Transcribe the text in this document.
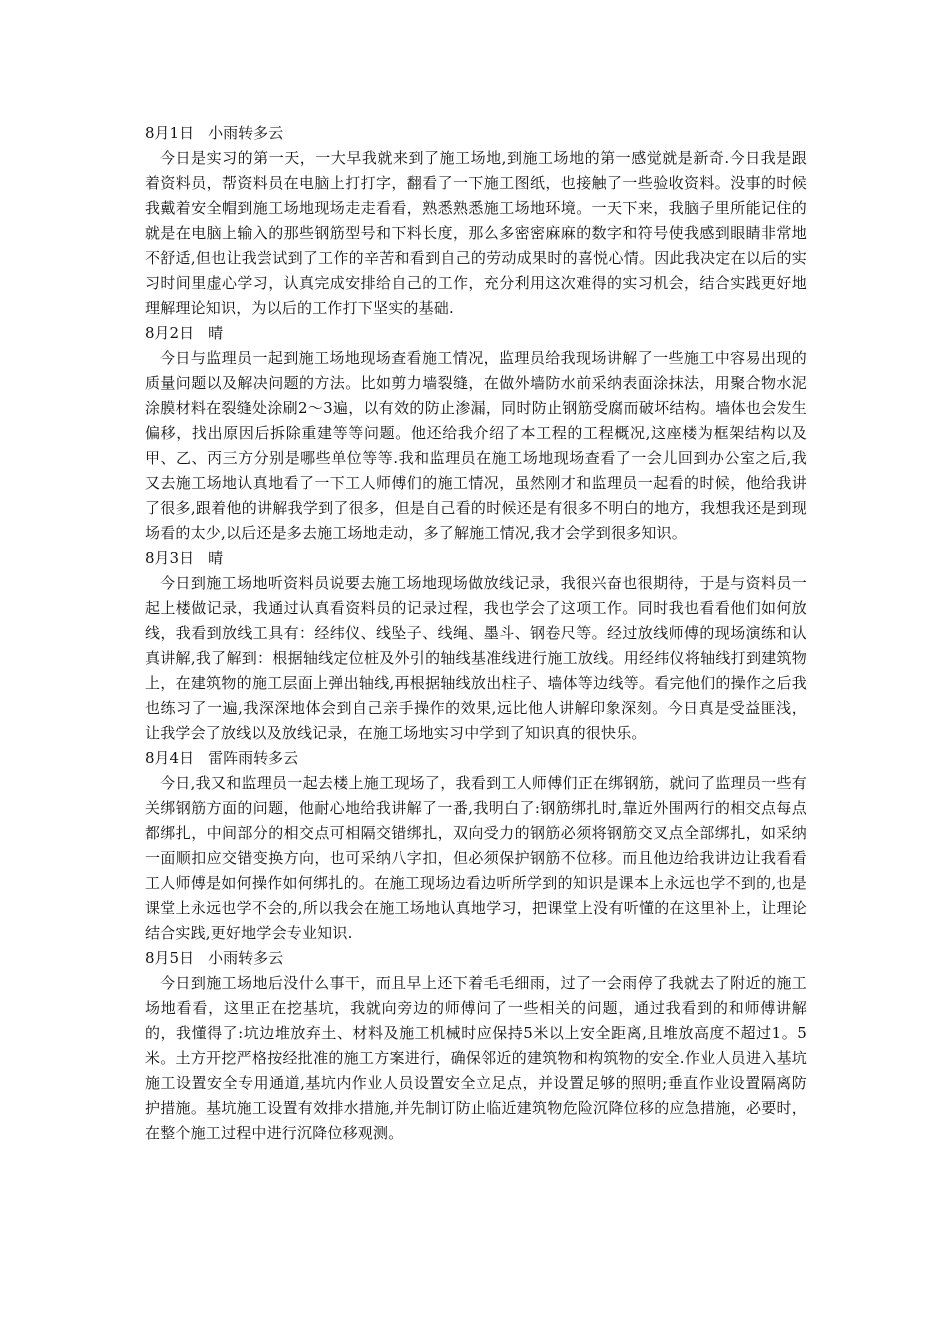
8月1日 小雨转多云

今日是实习的第一天，一大早我就来到了施工场地,到施工场地的第一感觉就是新奇.今日我是跟着资料员，帮资料员在电脑上打打字，翻看了一下施工图纸，也接触了一些验收资料。没事的时候我戴着安全帽到施工场地现场走走看看，熟悉熟悉施工场地环境。一天下来，我脑子里所能记住的就是在电脑上输入的那些钢筋型号和下料长度，那么多密密麻麻的数字和符号使我感到眼睛非常地不舒适,但也让我尝试到了工作的辛苦和看到自己的劳动成果时的喜悦心情。因此我决定在以后的实习时间里虚心学习，认真完成安排给自己的工作，充分利用这次难得的实习机会，结合实践更好地理解理论知识，为以后的工作打下坚实的基础.

8月2日 晴

今日与监理员一起到施工场地现场查看施工情况，监理员给我现场讲解了一些施工中容易出现的质量问题以及解决问题的方法。比如剪力墙裂缝，在做外墙防水前采纳表面涂抹法，用聚合物水泥涂膜材料在裂缝处涂刷2～3遍，以有效的防止渗漏，同时防止钢筋受腐而破坏结构。墙体也会发生偏移，找出原因后拆除重建等等问题。他还给我介绍了本工程的工程概况,这座楼为框架结构以及甲、乙、丙三方分别是哪些单位等等.我和监理员在施工场地现场查看了一会儿回到办公室之后,我又去施工场地认真地看了一下工人师傅们的施工情况，虽然刚才和监理员一起看的时候，他给我讲了很多,跟着他的讲解我学到了很多，但是自己看的时候还是有很多不明白的地方，我想我还是到现场看的太少,以后还是多去施工场地走动，多了解施工情况,我才会学到很多知识。

8月3日 晴

今日到施工场地听资料员说要去施工场地现场做放线记录，我很兴奋也很期待，于是与资料员一起上楼做记录，我通过认真看资料员的记录过程，我也学会了这项工作。同时我也看看他们如何放线，我看到放线工具有：经纬仪、线坠子、线绳、墨斗、钢卷尺等。经过放线师傅的现场演练和认真讲解,我了解到：根据轴线定位桩及外引的轴线基准线进行施工放线。用经纬仪将轴线打到建筑物上，在建筑物的施工层面上弹出轴线,再根据轴线放出柱子、墙体等边线等。看完他们的操作之后我也练习了一遍,我深深地体会到自己亲手操作的效果,远比他人讲解印象深刻。今日真是受益匪浅，让我学会了放线以及放线记录，在施工场地实习中学到了知识真的很快乐。

8月4日 雷阵雨转多云

今日,我又和监理员一起去楼上施工现场了，我看到工人师傅们正在绑钢筋，就问了监理员一些有关绑钢筋方面的问题，他耐心地给我讲解了一番,我明白了:钢筋绑扎时,靠近外围两行的相交点每点都绑扎，中间部分的相交点可相隔交错绑扎，双向受力的钢筋必须将钢筋交叉点全部绑扎，如采纳一面顺扣应交错变换方向，也可采纳八字扣，但必须保护钢筋不位移。而且他边给我讲边让我看看工人师傅是如何操作如何绑扎的。在施工现场边看边听所学到的知识是课本上永远也学不到的,也是课堂上永远也学不会的,所以我会在施工场地认真地学习，把课堂上没有听懂的在这里补上，让理论结合实践,更好地学会专业知识.

8月5日 小雨转多云

今日到施工场地后没什么事干，而且早上还下着毛毛细雨，过了一会雨停了我就去了附近的施工场地看看，这里正在挖基坑，我就向旁边的师傅问了一些相关的问题，通过我看到的和师傅讲解的，我懂得了:坑边堆放弃土、材料及施工机械时应保持5米以上安全距离,且堆放高度不超过1。5米。土方开挖严格按经批准的施工方案进行，确保邻近的建筑物和构筑物的安全.作业人员进入基坑施工设置安全专用通道,基坑内作业人员设置安全立足点，并设置足够的照明;垂直作业设置隔离防护措施。基坑施工设置有效排水措施,并先制订防止临近建筑物危险沉降位移的应急措施，必要时，在整个施工过程中进行沉降位移观测。
